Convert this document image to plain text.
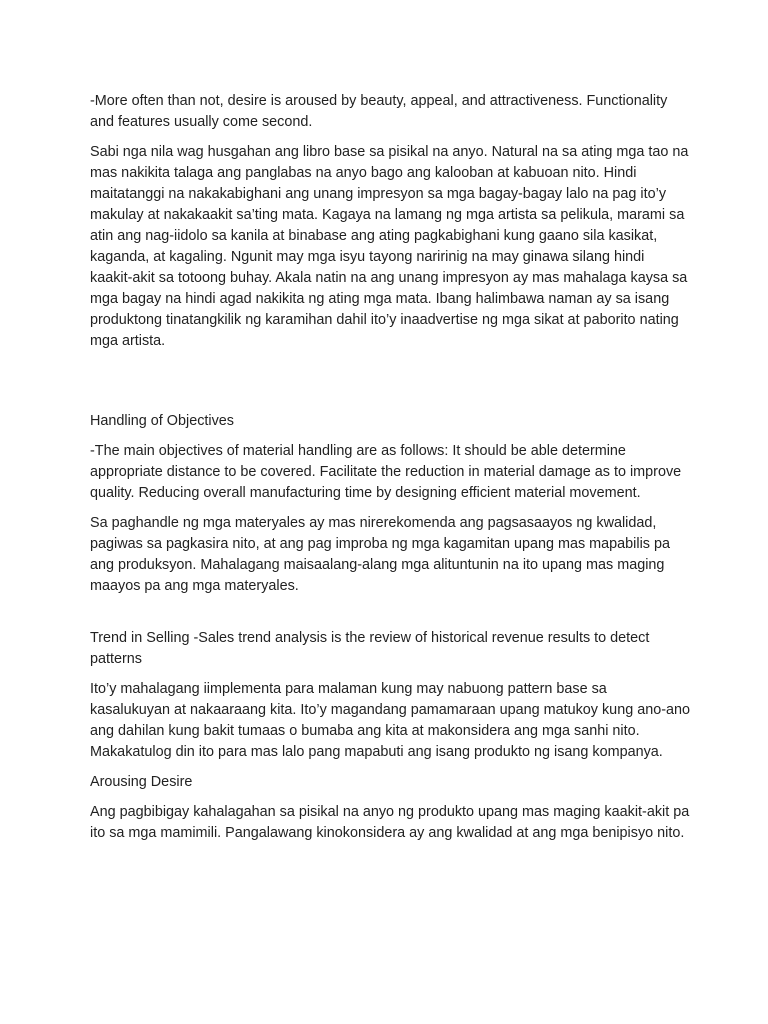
-More often than not, desire is aroused by beauty, appeal, and attractiveness. Functionality and features usually come second.

Sabi nga nila wag husgahan ang libro base sa pisikal na anyo. Natural na sa ating mga tao na mas nakikita talaga ang panglabas na anyo bago ang kalooban at kabuoan nito. Hindi maitatanggi na nakakabighani ang unang impresyon sa mga bagay-bagay lalo na pag ito’y makulay at nakakaakit sa’ting mata. Kagaya na lamang ng mga artista sa pelikula, marami sa atin ang nag-iidolo sa kanila at binabase ang ating pagkabighani kung gaano sila kasikat, kaganda, at kagaling. Ngunit may mga isyu tayong naririnig na may ginawa silang hindi kaakit-akit sa totoong buhay. Akala natin na ang unang impresyon ay mas mahalaga kaysa sa mga bagay na hindi agad nakikita ng ating mga mata. Ibang halimbawa naman ay sa isang produktong tinatangkilik ng karamihan dahil ito’y inaadvertise ng mga sikat at paborito nating mga artista.

Handling of Objectives

-The main objectives of material handling are as follows: It should be able determine appropriate distance to be covered. Facilitate the reduction in material damage as to improve quality. Reducing overall manufacturing time by designing efficient material movement.

Sa paghandle ng mga materyales ay mas nirerekomenda ang pagsasaayos ng kwalidad, pagiwas sa pagkasira nito, at ang pag improba ng mga kagamitan upang mas mapabilis pa ang produksyon. Mahalagang maisaalang-alang mga alituntunin na ito upang mas maging maayos pa ang mga materyales.

Trend in Selling -Sales trend analysis is the review of historical revenue results to detect patterns

Ito’y mahalagang iimplementa para malaman kung may nabuong pattern base sa kasalukuyan at nakaaraang kita. Ito’y magandang pamamaraan upang matukoy kung ano-ano ang dahilan kung bakit tumaas o bumaba ang kita at makonsidera ang mga sanhi nito. Makakatulog din ito para mas lalo pang mapabuti ang isang produkto ng isang kompanya.

Arousing Desire

Ang pagbibigay kahalagahan sa pisikal na anyo ng produkto upang mas maging kaakit-akit pa ito sa mga mamimili. Pangalawang kinokonsidera ay ang kwalidad at ang mga benipisyo nito.
